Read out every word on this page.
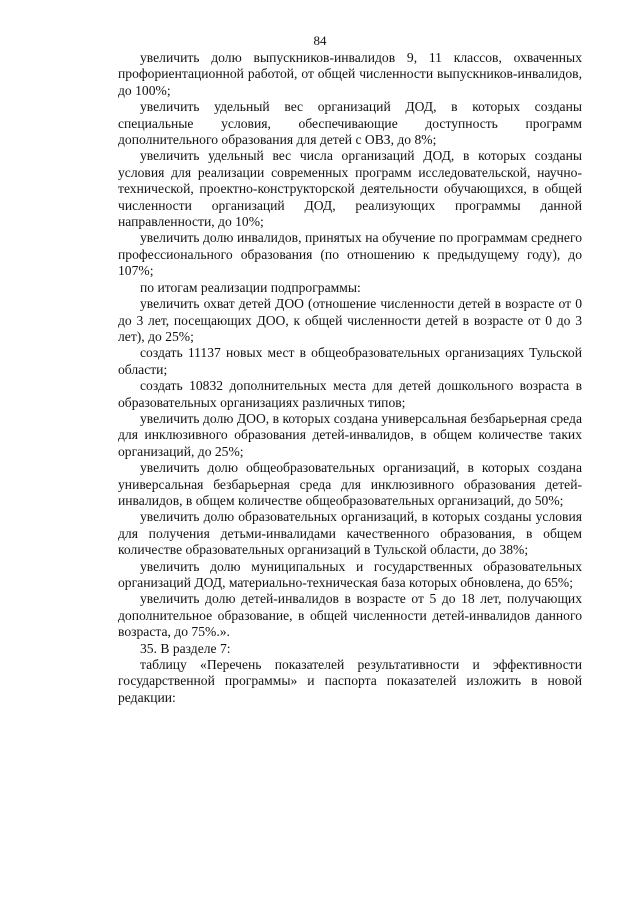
84

увеличить долю выпускников-инвалидов 9, 11 классов, охваченных профориентационной работой, от общей численности выпускников-инвалидов, до 100%;

увеличить удельный вес организаций ДОД, в которых созданы специальные условия, обеспечивающие доступность программ дополнительного образования для детей с ОВЗ, до 8%;

увеличить удельный вес числа организаций ДОД, в которых созданы условия для реализации современных программ исследовательской, научно-технической, проектно-конструкторской деятельности обучающихся, в общей численности организаций ДОД, реализующих программы данной направленности, до 10%;

увеличить долю инвалидов, принятых на обучение по программам среднего профессионального образования (по отношению к предыдущему году), до 107%;

по итогам реализации подпрограммы:

увеличить охват детей ДОО (отношение численности детей в возрасте от 0 до 3 лет, посещающих ДОО, к общей численности детей в возрасте от 0 до 3 лет), до 25%;

создать 11137 новых мест в общеобразовательных организациях Тульской области;

создать 10832 дополнительных места для детей дошкольного возраста в образовательных организациях различных типов;

увеличить долю ДОО, в которых создана универсальная безбарьерная среда для инклюзивного образования детей-инвалидов, в общем количестве таких организаций, до 25%;

увеличить долю общеобразовательных организаций, в которых создана универсальная безбарьерная среда для инклюзивного образования детей-инвалидов, в общем количестве общеобразовательных организаций, до 50%;

увеличить долю образовательных организаций, в которых созданы условия для получения детьми-инвалидами качественного образования, в общем количестве образовательных организаций в Тульской области, до 38%;

увеличить долю муниципальных и государственных образовательных организаций ДОД, материально-техническая база которых обновлена, до 65%;

увеличить долю детей-инвалидов в возрасте от 5 до 18 лет, получающих дополнительное образование, в общей численности детей-инвалидов данного возраста, до 75%.».

35. В разделе 7:

таблицу «Перечень показателей результативности и эффективности государственной программы» и паспорта показателей изложить в новой редакции:
